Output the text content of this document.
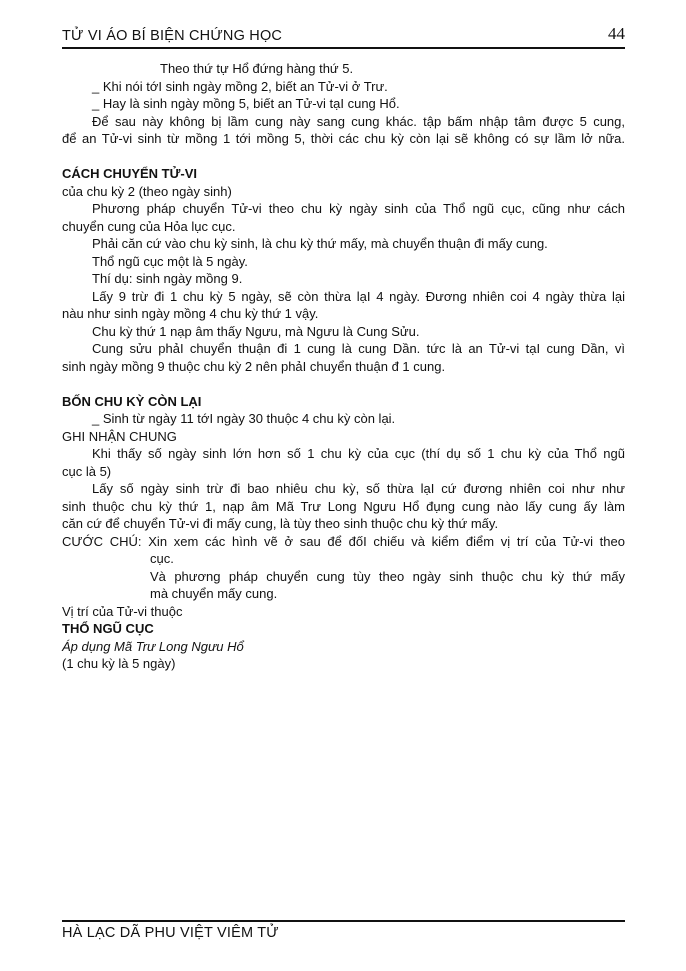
TỬ VI ÁO BÍ BIỆN CHỨNG HỌC	44
Theo thứ tự Hổ đứng hàng thứ 5.
_ Khi nói tớI sinh ngày mồng 2, biết an Tử-vi ở Trư.
_ Hay là sinh ngày mồng 5, biết an Tử-vi tạI cung Hổ.
Để sau này không bị lầm cung này sang cung khác. tập bấm nhập tâm được 5 cung,
để an Tử-vi sinh từ mồng 1 tới mồng 5, thời các chu kỳ còn lại sẽ không có sự lầm lở nữa.
CÁCH CHUYỂN TỬ-VI
của chu kỳ 2 (theo ngày sinh)
Phương pháp chuyển Tử-vi theo chu kỳ ngày sinh của Thổ ngũ cục, cũng như cách
chuyển cung của Hỏa lục cục.
Phải căn cứ vào chu kỳ sinh, là chu kỳ thứ mấy, mà chuyển thuận đi mấy cung.
Thổ ngũ cục một là 5 ngày.
Thí dụ: sinh ngày mồng 9.
Lấy 9 trừ đi 1 chu kỳ 5 ngày, sẽ còn thừa lạI 4 ngày. Đương nhiên coi 4 ngày thừa lại
nàu như sinh ngày mồng 4 chu kỳ thứ 1 vậy.
Chu kỳ thứ 1 nạp âm thấy Ngưu, mà Ngưu là Cung Sửu.
Cung sửu phảI chuyển thuận đi 1 cung là cung Dần. tức là an Tử-vi tạI cung Dần, vì
sinh ngày mồng 9 thuộc chu kỳ 2 nên phảI chuyển thuận đ 1 cung.
BỐN CHU KỲ CÒN LẠI
_ Sinh từ ngày 11 tớI ngày 30 thuộc 4 chu kỳ còn lại.
GHI NHẬN CHUNG
Khi thấy số ngày sinh lớn hơn số 1 chu kỳ của cục (thí dụ số 1 chu kỳ của Thổ ngũ
cục là 5)
Lấy số ngày sinh trừ đi bao nhiêu chu kỳ, số thừa lạI cứ đương nhiên coi như như
sinh thuộc chu kỳ thứ 1, nạp âm Mã Trư Long Ngưu Hổ đụng cung nào lấy cung ấy làm
căn cứ để chuyển Tử-vi đi mấy cung, là tùy theo sinh thuộc chu kỳ thứ mấy.
CƯỚC CHÚ: Xin xem các hình vẽ ở sau để đốI chiếu và kiểm điểm vị trí của Tử-vi theo
cục.
Và phương pháp chuyển cung tùy theo ngày sinh thuộc chu kỳ thứ mấy
mà chuyển mấy cung.
Vị trí của Tử-vi thuộc
THỔ NGŨ CỤC
Áp dụng Mã Trư Long Ngưu Hổ
(1 chu kỳ là 5 ngày)
HÀ LẠC DÃ PHU VIỆT VIÊM TỬ
